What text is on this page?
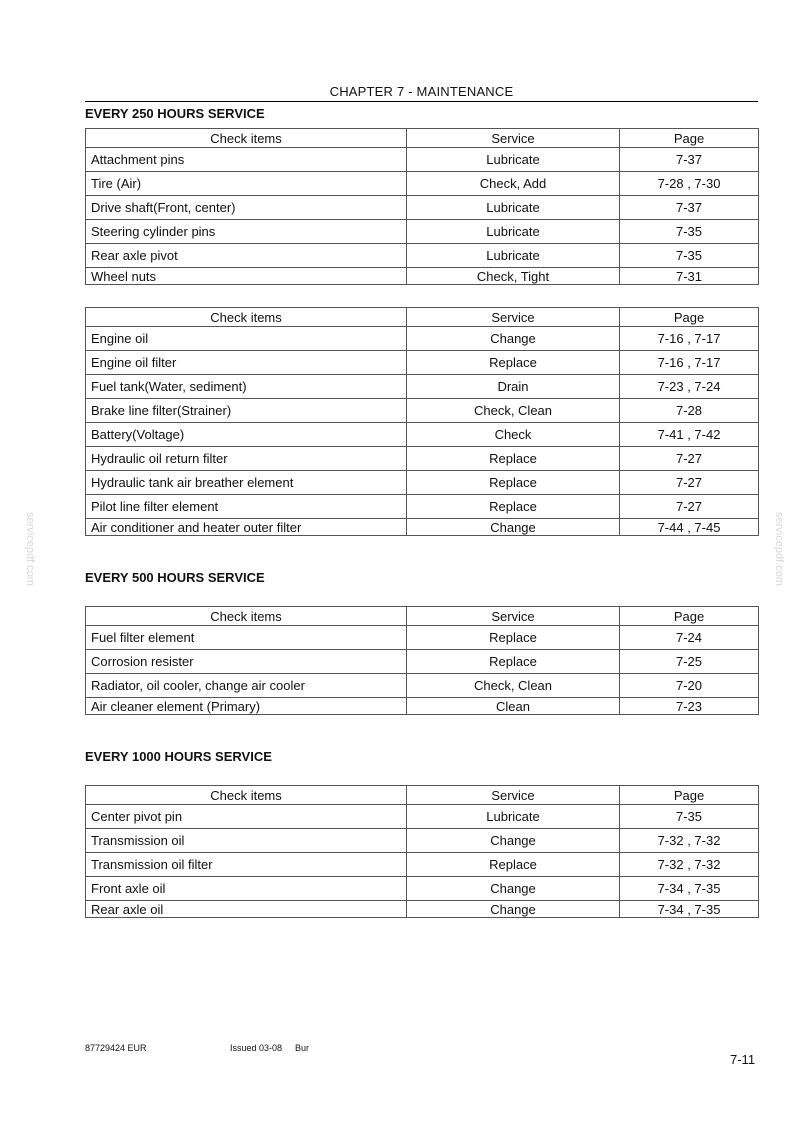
CHAPTER 7 - MAINTENANCE
EVERY 250 HOURS SERVICE
Check items	Service	Page
Attachment pins	Lubricate	7-37
Tire (Air)	Check, Add	7-28 , 7-30
Drive shaft(Front, center)	Lubricate	7-37
Steering cylinder pins	Lubricate	7-35
Rear axle pivot	Lubricate	7-35
Wheel nuts	Check, Tight	7-31
Check items	Service	Page
Engine oil	Change	7-16 , 7-17
Engine oil filter	Replace	7-16 , 7-17
Fuel tank(Water, sediment)	Drain	7-23 , 7-24
Brake line filter(Strainer)	Check, Clean	7-28
Battery(Voltage)	Check	7-41 , 7-42
Hydraulic oil return filter	Replace	7-27
Hydraulic tank air breather element	Replace	7-27
Pilot line filter element	Replace	7-27
Air conditioner and heater outer filter	Change	7-44 , 7-45
EVERY 500 HOURS SERVICE
Check items	Service	Page
Fuel filter element	Replace	7-24
Corrosion resister	Replace	7-25
Radiator, oil cooler, change air cooler	Check, Clean	7-20
Air cleaner element (Primary)	Clean	7-23
EVERY 1000 HOURS SERVICE
Check items	Service	Page
Center pivot pin	Lubricate	7-35
Transmission oil	Change	7-32 , 7-32
Transmission oil filter	Replace	7-32 , 7-32
Front axle oil	Change	7-34 , 7-35
Rear axle oil	Change	7-34 , 7-35
servicepdf.com	servicepdf.com
87729424 EUR	Issued 03-08 Bur
7-11
